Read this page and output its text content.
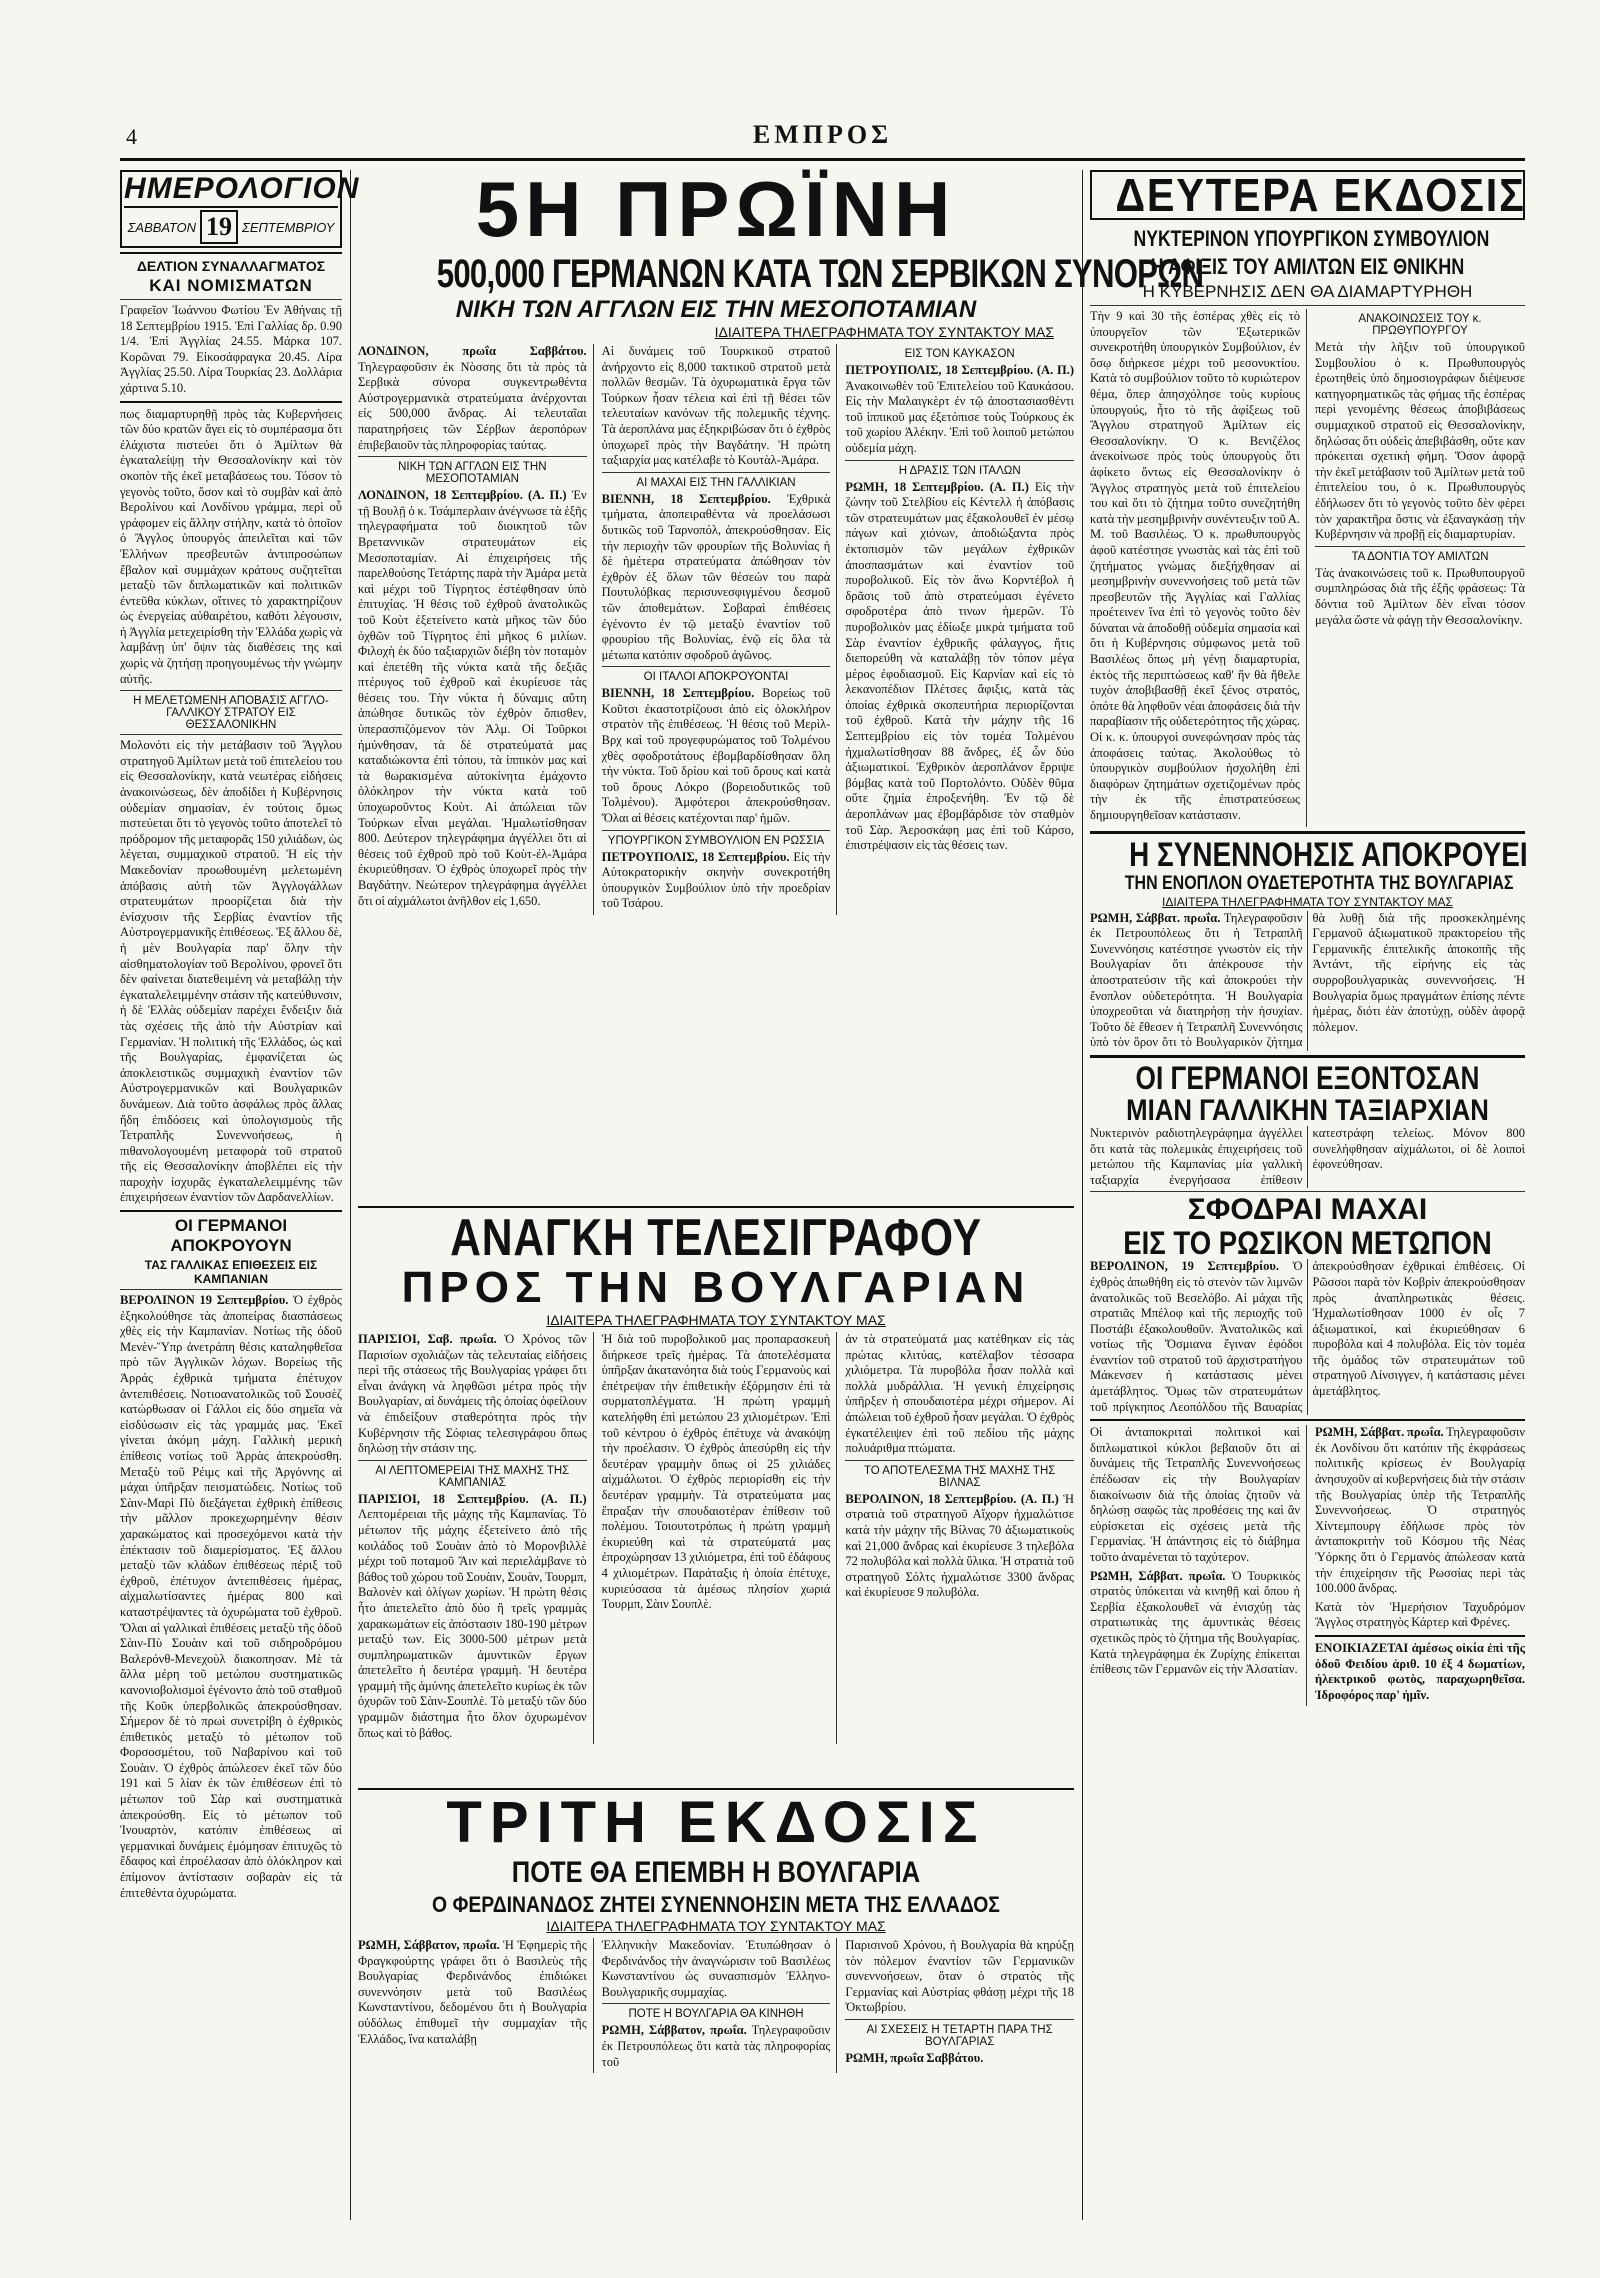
4	ΕΜΠΡΟΣ
ΗΜΕΡΟΛΟΓΙΟΝ
ΣΑΒΒΑΤΟΝ 19 ΣΕΠΤΕΜΒΡΙΟΥ
ΔΕΛΤΙΟΝ ΣΥΝΑΛΛΑΓΜΑΤΟΣ
ΚΑΙ ΝΟΜΙΣΜΑΤΩΝ

Γραφεῖον Ἰωάννου Φωτίου Ἐν Ἀθήναις τῇ 18 Σεπτεμβρίου 1915. Ἐπὶ Γαλλίας δρ. 0.90 1/4. Ἐπὶ Ἀγγλίας 24.55. Μάρκα 107. Κορῶναι 79. Εἰκοσάφραγκα 20.45. Λίρα Ἀγγλίας 25.50. Λίρα Τουρκίας 23. Δολλάρια χάρτινα 5.10.

πως διαμαρτυρηθῇ πρὸς τὰς Κυβερνήσεις τῶν δύο κρατῶν ἄγει εἰς τὸ συμπέρασμα ὅτι ἐλάχιστα πιστεύει ὅτι ὁ Ἀμίλτων θὰ ἐγκαταλείψῃ τὴν Θεσσαλονίκην καὶ τὸν σκοπὸν τῆς ἐκεῖ μεταβάσεως του. Τόσον τὸ γεγονὸς τοῦτο, ὅσον καὶ τὸ συμβὰν καὶ ἀπὸ Βερολίνου καὶ Λονδίνου γράμμα, περὶ οὗ γράφομεν εἰς ἄλλην στήλην, κατὰ τὸ ὁποῖον ὁ Ἄγγλος ὑπουργὸς ἀπειλεῖται καὶ τῶν Ἑλλήνων πρεσβευτῶν ἀντιπροσώπων ἔβαλον καὶ συμμάχων κράτους συζητεῖται μεταξὺ τῶν διπλωματικῶν καὶ πολιτικῶν ἐντεῦθα κύκλων, οἵτινες τὸ χαρακτηρίζουν ὡς ἐνεργείας αὐθαιρέτου, καθότι λέγουσιν, ἡ Ἀγγλία μετεχειρίσθη τὴν Ἑλλάδα χωρὶς νὰ λαμβάνῃ ὑπ' ὄψιν τὰς διαθέσεις της καὶ χωρὶς νὰ ζητήσῃ προηγουμένως τὴν γνώμην αὐτῆς.

Η ΜΕΛΕΤΩΜΕΝΗ ΑΠΟΒΑΣΙΣ ΑΓΓΛΟ-ΓΑΛΛΙΚΟΥ ΣΤΡΑΤΟΥ ΕΙΣ ΘΕΣΣΑΛΟΝΙΚΗΝ

Μολονότι εἰς τὴν μετάβασιν τοῦ Ἄγγλου στρατηγοῦ Ἀμίλτων μετὰ τοῦ ἐπιτελείου του εἰς Θεσσαλονίκην, κατὰ νεωτέρας εἰδήσεις ἀνακοινώσεως, δὲν ἀποδίδει ἡ Κυβέρνησις οὐδεμίαν σημασίαν, ἐν τούτοις ὅμως πιστεύεται ὅτι τὸ γεγονὸς τοῦτο ἀποτελεῖ τὸ πρόδρομον τῆς μεταφορᾶς 150 χιλιάδων, ὡς λέγεται, συμμαχικοῦ στρατοῦ. Ἡ εἰς τὴν Μακεδονίαν προωθουμένη μελετωμένη ἀπόβασις αὐτὴ τῶν Ἀγγλογάλλων στρατευμάτων προορίζεται διὰ τὴν ἐνίσχυσιν τῆς Σερβίας ἐναντίον τῆς Αὐστρογερμανικῆς ἐπιθέσεως. Ἐξ ἄλλου δὲ, ἡ μὲν Βουλγαρία παρ' ὅλην τὴν αἰσθηματολογίαν τοῦ Βερολίνου, φρονεῖ ὅτι δὲν φαίνεται διατεθειμένη νὰ μεταβάλῃ τὴν ἐγκαταλελειμμένην στάσιν τῆς κατεύθυνσιν, ἡ δὲ Ἑλλὰς οὐδεμίαν παρέχει ἔνδειξιν διὰ τὰς σχέσεις τῆς ἀπὸ τὴν Αὐστρίαν καὶ Γερμανίαν. Ἡ πολιτικὴ τῆς Ἑλλάδος, ὡς καὶ τῆς Βουλγαρίας, ἐμφανίζεται ὡς ἀποκλειστικῶς συμμαχικὴ ἐναντίον τῶν Αὐστρογερμανικῶν καὶ Βουλγαρικῶν δυνάμεων. Διὰ τοῦτο ἀσφάλως πρὸς ἄλλας ἤδη ἐπιδόσεις καὶ ὑπολογισμοὺς τῆς Τετραπλῆς Συνεννοήσεως, ἡ πιθανολογουμένη μεταφορὰ τοῦ στρατοῦ τῆς εἰς Θεσσαλονίκην ἀποβλέπει εἰς τὴν παροχὴν ἰσχυρᾶς ἐγκαταλελειμμένης τῶν ἐπιχειρήσεων ἐναντίον τῶν Δαρδανελλίων.

ΟΙ ΓΕΡΜΑΝΟΙ ΑΠΟΚΡΟΥΟΥΝ
ΤΑΣ ΓΑΛΛΙΚΑΣ ΕΠΙΘΕΣΕΙΣ ΕΙΣ ΚΑΜΠΑΝΙΑΝ

ΒΕΡΟΛΙΝΟΝ 19 Σεπτεμβρίου. Ὁ ἐχθρὸς ἐξηκολούθησε τὰς ἀποπείρας διασπάσεως χθὲς εἰς τὴν Καμπανίαν. Νοτίως τῆς ὁδοῦ Μενὲν-Ὕπρ ἀνετράπη θέσις καταληφθεῖσα πρὸ τῶν Ἀγγλικῶν λόχων. Βορείως τῆς Ἀρράς ἐχθρικὰ τμήματα ἐπέτυχον ἀντεπιθέσεις. Νοτιοανατολικῶς τοῦ Σουσὲζ κατώρθωσαν οἱ Γάλλοι εἰς δύο σημεῖα νὰ εἰσδύσωσιν εἰς τὰς γραμμάς μας. Ἐκεῖ γίνεται ἀκόμη μάχη. Γαλλικὴ μερικὴ ἐπίθεσις νοτίως τοῦ Ἀρρὰς ἀπεκρούσθη. Μεταξὺ τοῦ Ρέιμς καὶ τῆς Ἀργόννης αἱ μάχαι ὑπῆρξαν πεισματώδεις. Νοτίως τοῦ Σὰιν-Μαρὶ Πὺ διεξάγεται ἐχθρικὴ ἐπίθεσις τὴν μᾶλλον προκεχωρημένην θέσιν χαρακώματος καὶ προσεχόμενοι κατὰ τὴν ἐπέκτασιν τοῦ διαμερίσματος. Ἐξ ἄλλου μεταξὺ τῶν κλάδων ἐπιθέσεως πέριξ τοῦ ἐχθροῦ, ἐπέτυχον ἀντεπιθέσεις ἡμέρας, αἰχμαλωτίσαντες ἡμέρας 800 καὶ καταστρέψαντες τὰ ὀχυρώματα τοῦ ἐχθροῦ. Ὅλαι αἱ γαλλικαὶ ἐπιθέσεις μεταξὺ τῆς ὁδοῦ Σὰιν-Πὺ Σουὰιν καὶ τοῦ σιδηροδρόμου Βαλερόνθ-Μενεχοὺλ διακοπησαν. Μὲ τὰ ἄλλα μέρη τοῦ μετώπου συστηματικῶς κανονιοβολισμοὶ ἐγένοντο ἀπὸ τοῦ σταθμοῦ τῆς Κοῦκ ὑπερβολικῶς ἀπεκρούσθησαν. Σήμερον δὲ τὸ πρωὶ συνετρίβη ὁ ἐχθρικὸς ἐπιθετικὸς μεταξὺ τὸ μέτωπον τοῦ Φορσοσμέτου, τοῦ Ναβαρίνου καὶ τοῦ Σουὰιν. Ὁ ἐχθρὸς ἀπώλεσεν ἐκεῖ τῶν δύο 191 καὶ 5 λίαν ἐκ τῶν ἐπιθέσεων ἐπὶ τὸ μέτωπον τοῦ Σὰρ καὶ συστηματικὰ ἀπεκρούσθη. Εἰς τὸ μέτωπον τοῦ Ἰνουαρτὸν, κατόπιν ἐπιθέσεως αἱ γερμανικαὶ δυνάμεις ἐμόμησαν ἐπιτυχῶς τὸ ἔδαφος καὶ ἐπροέλασαν ἀπὸ ὁλόκληρον καὶ ἐπίμονον ἀντίστασιν σοβαρὰν εἰς τὰ ἐπιτεθέντα ὀχυρώματα.

5Η ΠΡΩΪΝΗ
500,000 ΓΕΡΜΑΝΩΝ ΚΑΤΑ ΤΩΝ ΣΕΡΒΙΚΩΝ ΣΥΝΟΡΩΝ
ΝΙΚΗ ΤΩΝ ΑΓΓΛΩΝ ΕΙΣ ΤΗΝ ΜΕΣΟΠΟΤΑΜΙΑΝ
ΙΔΙΑΙΤΕΡΑ ΤΗΛΕΓΡΑΦΗΜΑΤΑ ΤΟΥ ΣΥΝΤΑΚΤΟΥ ΜΑΣ

ΛΟΝΔΙΝΟΝ, πρωΐα Σαββάτου. Τηλεγραφοῦσιν ἐκ Νὸσσης ὅτι τὰ πρὸς τὰ Σερβικὰ σύνορα συγκεντρωθέντα Αὐστρογερμανικὰ στρατεύματα ἀνέρχονται εἰς 500,000 ἄνδρας. Αἱ τελευταῖαι παρατηρήσεις τῶν Σέρβων ἀεροπόρων ἐπιβεβαιοῦν τὰς πληροφορίας ταύτας.

ΝΙΚΗ ΤΩΝ ΑΓΓΛΩΝ ΕΙΣ ΤΗΝ ΜΕΣΟΠΟΤΑΜΙΑΝ

ΛΟΝΔΙΝΟΝ, 18 Σεπτεμβρίου. (Α. Π.) Ἐν τῇ Βουλῇ ὁ κ. Τσάμπερλαιν ἀνέγνωσε τὰ ἑξῆς τηλεγραφήματα τοῦ διοικητοῦ τῶν Βρεταννικῶν στρατευμάτων εἰς Μεσοποταμίαν. Αἱ ἐπιχειρήσεις τῆς παρελθούσης Τετάρτης παρὰ τὴν Ἀμάρα μετὰ καὶ μέχρι τοῦ Τίγρητος ἐστέφθησαν ὑπὸ ἐπιτυχίας. Ἡ θέσις τοῦ ἐχθροῦ ἀνατολικῶς τοῦ Κοὺτ ἐξετείνετο κατὰ μῆκος τῶν δύο ὀχθῶν τοῦ Τίγρητος ἐπὶ μῆκος 6 μιλίων. Φιλοχὴ ἐκ δύο ταξιαρχιῶν διέβη τὸν ποταμὸν καὶ ἐπετέθη τῆς νύκτα κατὰ τῆς δεξιᾶς πτέρυγος τοῦ ἐχθροῦ καὶ ἐκυρίευσε τὰς θέσεις του. Τὴν νύκτα ἡ δύναμις αὕτη ἀπώθησε δυτικῶς τὸν ἐχθρὸν ὄπισθεν, ὑπερασπιζόμενον τὸν Ἀλμ. Οἱ Τοῦρκοι ἠμύνθησαν, τὰ δὲ στρατεύματά μας καταδιώκοντα ἐπὶ τόπου, τὰ ἰππικὸν μας καὶ τὰ θωρακισμένα αὐτοκίνητα ἐμάχοντο ὁλόκληρον τὴν νύκτα κατὰ τοῦ ὑποχωροῦντος Κοὺτ. Αἱ ἀπώλειαι τῶν Τούρκων εἶναι μεγάλαι. Ἠμαλωτίσθησαν 800. Δεύτερον τηλεγράφημα ἀγγέλλει ὅτι αἱ θέσεις τοῦ ἐχθροῦ πρὸ τοῦ Κοὺτ-ἐλ-Ἀμάρα ἐκυριεύθησαν. Ὁ ἐχθρὸς ὑποχωρεῖ πρὸς τὴν Βαγδάτην. Νεώτερον τηλεγράφημα ἀγγέλλει ὅτι οἱ αἰχμάλωτοι ἀνῆλθον εἰς 1,650.

Αἱ δυνάμεις τοῦ Τουρκικοῦ στρατοῦ ἀνήρχοντο εἰς 8,000 τακτικοῦ στρατοῦ μετὰ πολλῶν θεσμῶν. Τὰ ὀχυρωματικὰ ἔργα τῶν Τούρκων ἦσαν τέλεια καὶ ἐπὶ τῇ θέσει τῶν τελευταίων κανόνων τῆς πολεμικῆς τέχνης. Τὰ ἀεροπλάνα μας ἐξηκριβώσαν ὅτι ὁ ἐχθρὸς ὑποχωρεῖ πρὸς τὴν Βαγδάτην. Ἡ πρώτη ταξιαρχία μας κατέλαβε τὸ Κουτὰλ-Ἀμάρα.

ΑΙ ΜΑΧΑΙ ΕΙΣ ΤΗΝ ΓΑΛΛΙΚΙΑΝ

ΒΙΕΝΝΗ, 18 Σεπτεμβρίου. Ἐχθρικὰ τμήματα, ἀποπειραθέντα νὰ προελάσωσι δυτικῶς τοῦ Ταρνοπόλ, ἀπεκρούσθησαν. Εἰς τὴν περιοχὴν τῶν φρουρίων τῆς Βολυνίας ἡ δὲ ἡμέτερα στρατεύματα ἀπώθησαν τὸν ἐχθρὸν ἐξ ὅλων τῶν θέσεών του παρὰ Πουτυλόβκας περισυνεσφιγμένου δεσμοῦ τῶν ἀποθεμάτων. Σοβαραὶ ἐπιθέσεις ἐγένοντο ἐν τῷ μεταξὺ ἐναντίον τοῦ φρουρίου τῆς Βολυνίας, ἐνῷ εἰς ὅλα τὰ μέτωπα κατόπιν σφοδροῦ ἀγῶνος.

ΟΙ ΙΤΑΛΟΙ ΑΠΟΚΡΟΥΟΝΤΑΙ

ΒΙΕΝΝΗ, 18 Σεπτεμβρίου. Βορείως τοῦ Κοῦτσι ἐκαστοτρίζουσι ἀπὸ εἰς ὁλοκλήρον στρατὸν τῆς ἐπιθέσεως. Ἡ θέσις τοῦ Μερὶλ-Βρχ καὶ τοῦ προγεφυρώματος τοῦ Τολμένου χθὲς σφοδροτάτους ἐβομβαρδίσθησαν ὅλη τὴν νύκτα. Τοῦ δρίου καὶ τοῦ ὄρους καὶ κατὰ τοῦ ὄρους Λόκρο (βορειοδυτικῶς τοῦ Τολμένου). Ἀμφότεροι ἀπεκρούσθησαν. Ὅλαι αἱ θέσεις κατέχονται παρ' ἡμῶν.

ΥΠΟΥΡΓΙΚΟΝ ΣΥΜΒΟΥΛΙΟΝ ΕΝ ΡΩΣΣΙΑ

ΠΕΤΡΟΥΠΟΛΙΣ, 18 Σεπτεμβρίου. Εἰς τὴν Αὐτοκρατορικὴν σκηνὴν συνεκροτήθη ὑπουργικὸν Συμβούλιον ὑπὸ τὴν προεδρίαν τοῦ Τσάρου.

ΕΙΣ ΤΟΝ ΚΑΥΚΑΣΟΝ

ΠΕΤΡΟΥΠΟΛΙΣ, 18 Σεπτεμβρίου. (Α. Π.) Ἀνακοινωθὲν τοῦ Ἐπιτελείου τοῦ Καυκάσου. Εἰς τὴν Μαλαιγκὲρτ ἐν τῷ ἀποστασιασθέντι τοῦ ἱππικοῦ μας ἐξετόπισε τοὺς Τούρκους ἐκ τοῦ χωρίου Ἀλέκην. Ἐπὶ τοῦ λοιποῦ μετώπου οὐδεμία μάχη.

Η ΔΡΑΣΙΣ ΤΩΝ ΙΤΑΛΩΝ

ΡΩΜΗ, 18 Σεπτεμβρίου. (Α. Π.) Εἰς τὴν ζώνην τοῦ Στελβίου εἰς Κέντελλ ἡ ἀπόβασις τῶν στρατευμάτων μας ἐξακολουθεῖ ἐν μέσῳ πάγων καὶ χιόνων, ἀποδιώξαντα πρὸς ἐκτοπισμὸν τῶν μεγάλων ἐχθρικῶν ἀποσπασμάτων καὶ ἐναντίον τοῦ πυροβολικοῦ. Εἰς τὸν ἄνω Κορντέβολ ἡ δρᾶσις τοῦ ἀπὸ στρατεύμασι ἐγένετο σφοδροτέρα ἀπὸ τινων ἡμερῶν. Τὸ πυροβολικὸν μας ἐδίωξε μικρὰ τμήματα τοῦ Σὰρ ἐναντίον ἐχθρικῆς φάλαγγος, ἥτις διεπορεύθη νὰ καταλάβῃ τὸν τόπον μέγα μέρος ἐφοδιασμοῦ. Εἰς Καρνίαν καὶ εἰς τὸ λεκανοπέδιον Πλέτσες ἄφιξις, κατὰ τὰς ὁποίας ἐχθρικὰ σκοπευτήρια περιορίζονται τοῦ ἐχθροῦ. Κατὰ τὴν μάχην τῆς 16 Σεπτεμβρίου εἰς τὸν τομέα Τολμένου ἠχμαλωτίσθησαν 88 ἄνδρες, ἐξ ὧν δύο ἀξιωματικοί. Ἐχθρικὸν ἀεροπλάνον ἔρριψε βόμβας κατὰ τοῦ Πορτολόντο. Οὐδὲν θῦμα οὔτε ζημία ἐπροξενήθη. Ἐν τῷ δὲ ἀεροπλάνων μας ἐβομβάρδισε τὸν σταθμὸν τοῦ Σὰρ. Ἀεροσκάφη μας ἐπὶ τοῦ Κάρσο, ἐπιστρέψασιν εἰς τὰς θέσεις των.

ΑΝΑΓΚΗ ΤΕΛΕΣΙΓΡΑΦΟΥ
ΠΡΟΣ ΤΗΝ ΒΟΥΛΓΑΡΙΑΝ
ΙΔΙΑΙΤΕΡΑ ΤΗΛΕΓΡΑΦΗΜΑΤΑ ΤΟΥ ΣΥΝΤΑΚΤΟΥ ΜΑΣ

ΠΑΡΙΣΙΟΙ, Σαβ. πρωΐα. Ὁ Χρόνος τῶν Παρισίων σχολιάζων τὰς τελευταίας εἰδήσεις περὶ τῆς στάσεως τῆς Βουλγαρίας γράφει ὅτι εἶναι ἀνάγκη νὰ ληφθῶσι μέτρα πρὸς τὴν Βουλγαρίαν, αἱ δυνάμεις τῆς ὁποίας ὀφείλουν νὰ ἐπιδείξουν σταθερότητα πρὸς τὴν Κυβέρνησιν τῆς Σόφιας τελεσιγράφου ὅπως δηλώσῃ τὴν στάσιν της.

ΑΙ ΛΕΠΤΟΜΕΡΕΙΑΙ ΤΗΣ ΜΑΧΗΣ ΤΗΣ ΚΑΜΠΑΝΙΑΣ

ΠΑΡΙΣΙΟΙ, 18 Σεπτεμβρίου. (Α. Π.) Λεπτομέρειαι τῆς μάχης τῆς Καμπανίας. Τὸ μέτωπον τῆς μάχης ἐξετείνετο ἀπὸ τῆς κοιλάδος τοῦ Σουὰιν ἀπὸ τὸ Μορονβιλλὲ μέχρι τοῦ ποταμοῦ Ἄιν καὶ περιελάμβανε τὸ βάθος τοῦ χώρου τοῦ Σουὰιν, Σουὰν, Τουρμπ, Βαλονὲν καὶ ὀλίγων χωρίων. Ἡ πρώτη θέσις ἦτο ἀπετελεῖτο ἀπὸ δύο ἢ τρεῖς γραμμὰς χαρακωμάτων εἰς ἀπόστασιν 180-190 μέτρων μεταξύ των. Εἰς 3000-500 μέτρων μετὰ συμπληρωματικῶν ἀμυντικῶν ἔργων ἀπετελεῖτο ἡ δευτέρα γραμμὴ. Ἡ δευτέρα γραμμὴ τῆς ἀμύνης ἀπετελεῖτο κυρίως ἐκ τῶν ὀχυρῶν τοῦ Σὰιν-Σουπλὲ. Τὸ μεταξὺ τῶν δύο γραμμῶν διάστημα ἦτο ὅλον ὀχυρωμένον ὅπως καὶ τὸ βάθος.

Ἡ διὰ τοῦ πυροβολικοῦ μας προπαρασκευὴ διήρκεσε τρεῖς ἡμέρας. Τὰ ἀποτελέσματα ὑπῆρξαν ἀκατανόητα διὰ τοὺς Γερμανοὺς καὶ ἐπέτρεψαν τὴν ἐπιθετικὴν ἐξόρμησιν ἐπὶ τὰ συρματοπλέγματα. Ἡ πρώτη γραμμὴ κατελήφθη ἐπὶ μετώπου 23 χιλιομέτρων. Ἐπὶ τοῦ κέντρου ὁ ἐχθρὸς ἐπέτυχε νὰ ἀνακόψῃ τὴν προέλασιν. Ὁ ἐχθρὸς ἀπεσύρθη εἰς τὴν δευτέραν γραμμὴν ὅπως οἱ 25 χιλιάδες αἰχμάλωτοι. Ὁ ἐχθρὸς περιορίσθη εἰς τὴν δευτέραν γραμμὴν. Τὰ στρατεύματα μας ἔπραξαν τὴν σπουδαιοτέραν ἐπίθεσιν τοῦ πολέμου. Τοιουτοτρόπως ἡ πρώτη γραμμὴ ἐκυριεύθη καὶ τὰ στρατεύματά μας ἐπροχώρησαν 13 χιλιόμετρα, ἐπὶ τοῦ ἐδάφους 4 χιλιομέτρων. Παράταξις ἡ ὁποία ἐπέτυχε, κυριεύσασα τὰ ἀμέσως πλησίον χωριά Τουρμπ, Σὰιν Σουπλὲ.

ἀν τὰ στρατεύματά μας κατέθηκαν εἰς τὰς πρώτας κλιτύας, κατέλαβον τέσσαρα χιλιόμετρα. Τὰ πυροβόλα ἦσαν πολλὰ καὶ πολλὰ μυδράλλια. Ἡ γενικὴ ἐπιχείρησις ὑπῆρξεν ἡ σπουδαιοτέρα μέχρι σήμερον. Αἱ ἀπώλειαι τοῦ ἐχθροῦ ἦσαν μεγάλαι. Ὁ ἐχθρὸς ἐγκατέλειψεν ἐπὶ τοῦ πεδίου τῆς μάχης πολυάριθμα πτώματα.

ΤΟ ΑΠΟΤΕΛΕΣΜΑ ΤΗΣ ΜΑΧΗΣ ΤΗΣ ΒΙΛΝΑΣ

ΒΕΡΟΛΙΝΟΝ, 18 Σεπτεμβρίου. (Α. Π.) Ἡ στρατιὰ τοῦ στρατηγοῦ Αἴχορν ἠχμαλώτισε κατὰ τὴν μάχην τῆς Βίλνας 70 ἀξιωματικοὺς καὶ 21,000 ἄνδρας καὶ ἐκυρίευσε 3 τηλεβόλα 72 πολυβόλα καὶ πολλὰ ὕλικα. Ἡ στρατιὰ τοῦ στρατηγοῦ Σόλτς ἠχμαλώτισε 3300 ἄνδρας καὶ ἐκυρίευσε 9 πολυβόλα.

ΤΡΙΤΗ ΕΚΔΟΣΙΣ
ΠΟΤΕ ΘΑ ΕΠΕΜΒΗ Η ΒΟΥΛΓΑΡΙΑ
Ο ΦΕΡΔΙΝΑΝΔΟΣ ΖΗΤΕΙ ΣΥΝΕΝΝΟΗΣΙΝ ΜΕΤΑ ΤΗΣ ΕΛΛΑΔΟΣ
ΙΔΙΑΙΤΕΡΑ ΤΗΛΕΓΡΑΦΗΜΑΤΑ ΤΟΥ ΣΥΝΤΑΚΤΟΥ ΜΑΣ

ΡΩΜΗ, Σάββατον, πρωΐα. Ἡ Ἐφημερὶς τῆς Φραγκφούρτης γράφει ὅτι ὁ Βασιλεὺς τῆς Βουλγαρίας Φερδινάνδος ἐπιδιώκει συνεννόησιν μετὰ τοῦ Βασιλέως Κωνσταντίνου, δεδομένου ὅτι ἡ Βουλγαρία οὐδόλως ἐπιθυμεῖ τὴν συμμαχίαν τῆς Ἑλλάδος, ἵνα καταλάβῃ

Ἑλληνικὴν Μακεδονίαν. Ἐτυπώθησαν ὁ Φερδινάνδος τὴν ἀναγνώρισιν τοῦ Βασιλέως Κωνσταντίνου ὡς συνασπισμὸν Ἑλληνο-Βουλγαρικῆς συμμαχίας.

ΠΟΤΕ Η ΒΟΥΛΓΑΡΙΑ ΘΑ ΚΙΝΗΘΗ

ΡΩΜΗ, Σάββατον, πρωΐα. Τηλεγραφοῦσιν ἐκ Πετρουπόλεως ὅτι κατὰ τὰς πληροφορίας τοῦ

Παρισινοῦ Χρόνου, ἡ Βουλγαρία θὰ κηρύξῃ τὸν πόλεμον ἐναντίον τῶν Γερμανικῶν συνεννοήσεων, ὅταν ὁ στρατὸς τῆς Γερμανίας καὶ Αὐστρίας φθάσῃ μέχρι τῆς 18 Ὀκτωβρίου.

ΑΙ ΣΧΕΣΕΙΣ Η ΤΕΤΑΡΤΗ ΠΑΡΑ ΤΗΣ ΒΟΥΛΓΑΡΙΑΣ

ΡΩΜΗ, πρωΐα Σαββάτου.

ΔΕΥΤΕΡΑ ΕΚΔΟΣΙΣ
ΝΥΚΤΕΡΙΝΟΝ ΥΠΟΥΡΓΙΚΟΝ ΣΥΜΒΟΥΛΙΟΝ
Η ΑΦΙΞΙΣ ΤΟΥ ΑΜΙΛΤΩΝ ΕΙΣ ΘΝΙΚΗΝ
Η ΚΥΒΕΡΝΗΣΙΣ ΔΕΝ ΘΑ ΔΙΑΜΑΡΤΥΡΗΘΗ

Τὴν 9 καὶ 30 τῆς ἑσπέρας χθὲς εἰς τὸ ὑπουργεῖον τῶν Ἐξωτερικῶν συνεκροτήθη ὑπουργικὸν Συμβούλιον, ἐν ὅσῳ διήρκεσε μέχρι τοῦ μεσονυκτίου. Κατὰ τὸ συμβούλιον τοῦτο τὸ κυριώτερον θέμα, ὅπερ ἀπησχόλησε τοὺς κυρίους ὑπουργούς, ἦτο τὸ τῆς ἀφίξεως τοῦ Ἄγγλου στρατηγοῦ Ἀμίλτων εἰς Θεσσαλονίκην. Ὁ κ. Βενιζέλος ἀνεκοίνωσε πρὸς τοὺς ὑπουργοὺς ὅτι ἀφίκετο ὄντως εἰς Θεσσαλονίκην ὁ Ἄγγλος στρατηγὸς μετὰ τοῦ ἐπιτελείου του καὶ ὅτι τὸ ζήτημα τοῦτο συνεζητήθη κατὰ τὴν μεσημβρινὴν συνέντευξιν τοῦ Α. Μ. τοῦ Βασιλέως. Ὁ κ. πρωθυπουργὸς ἀφοῦ κατέστησε γνωστὰς καὶ τὰς ἐπὶ τοῦ ζητήματος γνώμας διεξήχθησαν αἱ μεσημβρινὴν συνεννοήσεις τοῦ μετὰ τῶν πρεσβευτῶν τῆς Ἀγγλίας καὶ Γαλλίας προέτεινεν ἵνα ἐπὶ τὸ γεγονὸς τοῦτο δὲν δύναται νὰ ἀποδοθῇ οὐδεμία σημασία καὶ ὅτι ἡ Κυβέρνησις σύμφωνος μετὰ τοῦ Βασιλέως ὅπως μὴ γένῃ διαμαρτυρία, ἐκτὸς τῆς περιπτώσεως καθ' ἣν θὰ ἤθελε τυχὸν ἀποβιβασθῇ ἐκεῖ ξένος στρατός, ὁπότε θὰ ληφθοῦν νέαι ἀποφάσεις διὰ τὴν παραβίασιν τῆς οὐδετερότητος τῆς χώρας. Οἱ κ. κ. ὑπουργοὶ συνεφώνησαν πρὸς τὰς ἀποφάσεις ταύτας. Ἀκολούθως τὸ ὑπουργικὸν συμβούλιον ἠσχολήθη ἐπὶ διαφόρων ζητημάτων σχετιζομένων πρὸς τὴν ἐκ τῆς ἐπιστρατεύσεως δημιουργηθεῖσαν κατάστασιν.

ΑΝΑΚΟΙΝΩΣΕΙΣ ΤΟΥ κ. ΠΡΩΘΥΠΟΥΡΓΟΥ

Μετὰ τὴν λῆξιν τοῦ ὑπουργικοῦ Συμβουλίου ὁ κ. Πρωθυπουργὸς ἐρωτηθεὶς ὑπὸ δημοσιογράφων διέψευσε κατηγορηματικῶς τὰς φήμας τῆς ἐσπέρας περὶ γενομένης θέσεως ἀποβιβάσεως συμμαχικοῦ στρατοῦ εἰς Θεσσαλονίκην, δηλώσας ὅτι οὐδεὶς ἀπεβιβάσθη, οὔτε καν πρόκειται σχετικὴ φήμη. Ὅσον ἀφορᾷ τὴν ἐκεῖ μετάβασιν τοῦ Ἀμίλτων μετὰ τοῦ ἐπιτελείου του, ὁ κ. Πρωθυπουργὸς ἐδήλωσεν ὅτι τὸ γεγονὸς τοῦτο δὲν φέρει τὸν χαρακτῆρα ὅστις νὰ ἐξαναγκάσῃ τὴν Κυβέρνησιν νὰ προβῇ εἰς διαμαρτυρίαν.

ΤΑ ΔΟΝΤΙΑ ΤΟΥ ΑΜΙΛΤΩΝ

Τὰς ἀνακοινώσεις τοῦ κ. Πρωθυπουργοῦ συμπληρώσας διὰ τῆς ἐξῆς φράσεως: Τὰ δόντια τοῦ Ἀμίλτων δὲν εἶναι τόσον μεγάλα ὥστε νὰ φάγῃ τὴν Θεσσαλονίκην.

Η ΣΥΝΕΝΝΟΗΣΙΣ ΑΠΟΚΡΟΥΕΙ
ΤΗΝ ΕΝΟΠΛΟΝ ΟΥΔΕΤΕΡΟΤΗΤΑ ΤΗΣ ΒΟΥΛΓΑΡΙΑΣ
ΙΔΙΑΙΤΕΡΑ ΤΗΛΕΓΡΑΦΗΜΑΤΑ ΤΟΥ ΣΥΝΤΑΚΤΟΥ ΜΑΣ

ΡΩΜΗ, Σάββατ. πρωΐα. Τηλεγραφοῦσιν ἐκ Πετρουπόλεως ὅτι ἡ Τετραπλῆ Συνεννόησις κατέστησε γνωστὸν εἰς τὴν Βουλγαρίαν ὅτι ἀπέκρουσε τὴν ἀποστρατεύσιν τῆς καὶ ἀποκρούει τὴν ἔνοπλον οὐδετερότητα. Ἡ Βουλγαρία ὑποχρεοῦται νὰ διατηρήσῃ τὴν ἡσυχίαν. Τοῦτο δὲ ἔθεσεν ἡ Τετραπλῆ Συνεννόησις ὑπὸ τὸν ὅρον ὅτι τὸ Βουλγαρικὸν ζήτημα θὰ λυθῇ διὰ τῆς προσκεκλημένης Γερμανοῦ ἀξιωματικοῦ πρακτορείου τῆς Γερμανικῆς ἐπιτελικῆς ἀποκοπῆς τῆς Ἀντάντ, τῆς εἰρήνης εἰς τὰς συρροβουλγαρικὰς συνεννοήσεις. Ἡ Βουλγαρία ὅμως πραγμάτων ἐπίσης πέντε ἡμέρας, διότι ἐὰν ἀποτύχῃ, οὐδὲν ἀφορᾷ πόλεμον.

ΟΙ ΓΕΡΜΑΝΟΙ ΕΞΟΝΤΟΣΑΝ
ΜΙΑΝ ΓΑΛΛΙΚΗΝ ΤΑΞΙΑΡΧΙΑΝ

Νυκτερινὸν ραδιοτηλεγράφημα ἀγγέλλει ὅτι κατὰ τὰς πολεμικὰς ἐπιχειρήσεις τοῦ μετώπου τῆς Καμπανίας μία γαλλικὴ ταξιαρχία ἐνεργήσασα ἐπίθεσιν κατεστράφη τελείως. Μόνον 800 συνελήφθησαν αἰχμάλωτοι, οἱ δὲ λοιποὶ ἐφονεύθησαν.

ΣΦΟΔΡΑΙ ΜΑΧΑΙ
ΕΙΣ ΤΟ ΡΩΣΙΚΟΝ ΜΕΤΩΠΟΝ

ΒΕΡΟΛΙΝΟΝ, 19 Σεπτεμβρίου. Ὁ ἐχθρὸς ἀπωθήθη εἰς τὸ στενὸν τῶν λιμνῶν ἀνατολικῶς τοῦ Βεσελόβο. Αἱ μάχαι τῆς στρατιᾶς Μπέλοφ καὶ τῆς περιοχῆς τοῦ Ποστάβι ἐξακολουθοῦν. Ἀνατολικῶς καὶ νοτίως τῆς Ὄσμιανα ἔγιναν ἐφόδοι ἐναντίον τοῦ στρατοῦ τοῦ ἀρχιστρατήγου Μάκενσεν ἡ κατάστασις μένει ἀμετάβλητος. Ὅμως τῶν στρατευμάτων τοῦ πρίγκηπος Λεοπόλδου τῆς Βαυαρίας ἀπεκρούσθησαν ἐχθρικαὶ ἐπιθέσεις. Οἱ Ρῶσσοι παρὰ τὸν Κοβρὶν ἀπεκρούσθησαν πρὸς ἀναπληρωτικὰς θέσεις. Ἠχμαλωτίσθησαν 1000 ἐν οἷς 7 ἀξιωματικοί, καὶ ἐκυριεύθησαν 6 πυροβόλα καὶ 4 πολυβόλα. Εἰς τὸν τομέα τῆς ὁμάδος τῶν στρατευμάτων τοῦ στρατηγοῦ Λίνσιγγεν, ἡ κατάστασις μένει ἀμετάβλητος.

Οἱ ἀνταποκριταὶ πολιτικοὶ καὶ διπλωματικοὶ κύκλοι βεβαιοῦν ὅτι αἱ δυνάμεις τῆς Τετραπλῆς Συνεννοήσεως ἐπέδωσαν εἰς τὴν Βουλγαρίαν διακοίνωσιν διὰ τῆς ὁποίας ζητοῦν νὰ δηλώσῃ σαφῶς τὰς προθέσεις της καὶ ἂν εὑρίσκεται εἰς σχέσεις μετὰ τῆς Γερμανίας. Ἡ ἀπάντησις εἰς τὸ διάβημα τοῦτο ἀναμένεται τὸ ταχύτερον.

ΡΩΜΗ, Σάββατ. πρωΐα. Ὁ Τουρκικὸς στρατὸς ὑπόκειται νὰ κινηθῇ καὶ ὅπου ἡ Σερβία ἐξακολουθεῖ νὰ ἐνισχύῃ τὰς στρατιωτικὰς της ἀμυντικὰς θέσεις σχετικῶς πρὸς τὸ ζήτημα τῆς Βουλγαρίας. Κατὰ τηλεγράφημα ἐκ Ζυρίχης ἐπίκειται ἐπίθεσις τῶν Γερμανῶν εἰς τὴν Ἀλσατίαν.

ΡΩΜΗ, Σάββατ. πρωΐα. Τηλεγραφοῦσιν ἐκ Λονδίνου ὅτι κατόπιν τῆς ἐκφράσεως πολιτικῆς κρίσεως ἐν Βουλγαρίᾳ ἀνησυχοῦν αἱ κυβερνήσεις διὰ τὴν στάσιν τῆς Βουλγαρίας ὑπὲρ τῆς Τετραπλῆς Συνεννοήσεως. Ὁ στρατηγὸς Χίντεμπουργ ἐδήλωσε πρὸς τὸν ἀνταποκριτὴν τοῦ Κόσμου τῆς Νέας Ὑόρκης ὅτι ὁ Γερμανὸς ἀπώλεσαν κατὰ τὴν ἐπιχείρησιν τῆς Ρωσσίας περὶ τὰς 100.000 ἄνδρας.

Κατὰ τὸν Ἡμερήσιον Ταχυδρόμον Ἄγγλος στρατηγὸς Κάρτερ καὶ Φρένες.

ΕΝΟΙΚΙΑΖΕΤΑΙ ἀμέσως οἰκία ἐπὶ τῆς ὁδοῦ Φειδίου ἀριθ. 10 ἐξ 4 δωματίων, ἠλεκτρικοῦ φωτὸς, παραχωρηθεῖσα. Ἰδροφόρος παρ' ἡμῖν.
